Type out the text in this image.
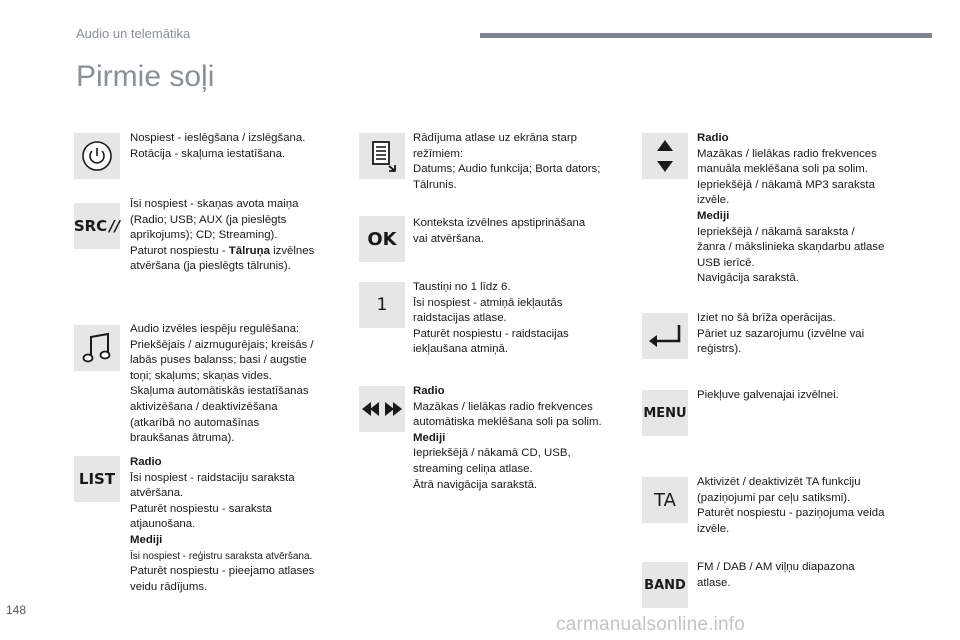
Audio un telemātika
Pirmie soļi
Nospiest - ieslēgšana / izslēgšana.
Rotācija - skaļuma iestatīšana.
SRC //
Īsi nospiest - skaņas avota maiņa
(Radio; USB; AUX (ja pieslēgts
aprīkojums); CD; Streaming).
Paturot nospiestu - Tālruņa izvēlnes
atvēršana (ja pieslēgts tālrunis).
Audio izvēles iespēju regulēšana:
Priekšējais / aizmugurējais; kreisās /
labās puses balanss; basi / augstie
toņi; skaļums; skaņas vides.
Skaļuma automātiskās iestatīšanas
aktivizēšana / deaktivizēšana
(atkarībā no automašīnas
braukšanas ātruma).
LIST
Radio
Īsi nospiest - raidstaciju saraksta
atvēršana.
Paturēt nospiestu - saraksta
atjaunošana.
Mediji
Īsi nospiest - reģistru saraksta atvēršana.
Paturēt nospiestu - pieejamo atlases
veidu rādījums.
Rādījuma atlase uz ekrāna starp
režīmiem:
Datums; Audio funkcija; Borta dators;
Tālrunis.
OK
Konteksta izvēlnes apstiprināšana
vai atvēršana.
1
Taustiņi no 1 līdz 6.
Īsi nospiest - atmiņā iekļautās
raidstacijas atlase.
Paturēt nospiestu - raidstacijas
iekļaušana atmiņā.
Radio
Mazākas / lielākas radio frekvences
automātiska meklēšana soli pa solim.
Mediji
Iepriekšējā / nākamā CD, USB,
streaming celiņa atlase.
Ātrā navigācija sarakstā.
Radio
Mazākas / lielākas radio frekvences
manuāla meklēšana soli pa solim.
Iepriekšējā / nākamā MP3 saraksta
izvēle.
Mediji
Iepriekšējā / nākamā saraksta /
žanra / mākslinieka skaņdarbu atlase
USB ierīcē.
Navigācija sarakstā.
Iziet no šā brīža operācijas.
Pāriet uz sazarojumu (izvēlne vai
reģistrs).
MENU
Piekļuve galvenajai izvēlnei.
TA
Aktivizēt / deaktivizēt TA funkciju
(paziņojumi par ceļu satiksmi).
Paturēt nospiestu - paziņojuma veida
izvēle.
BAND
FM / DAB / AM viļņu diapazona
atlase.
148
carmanualsonline.info
